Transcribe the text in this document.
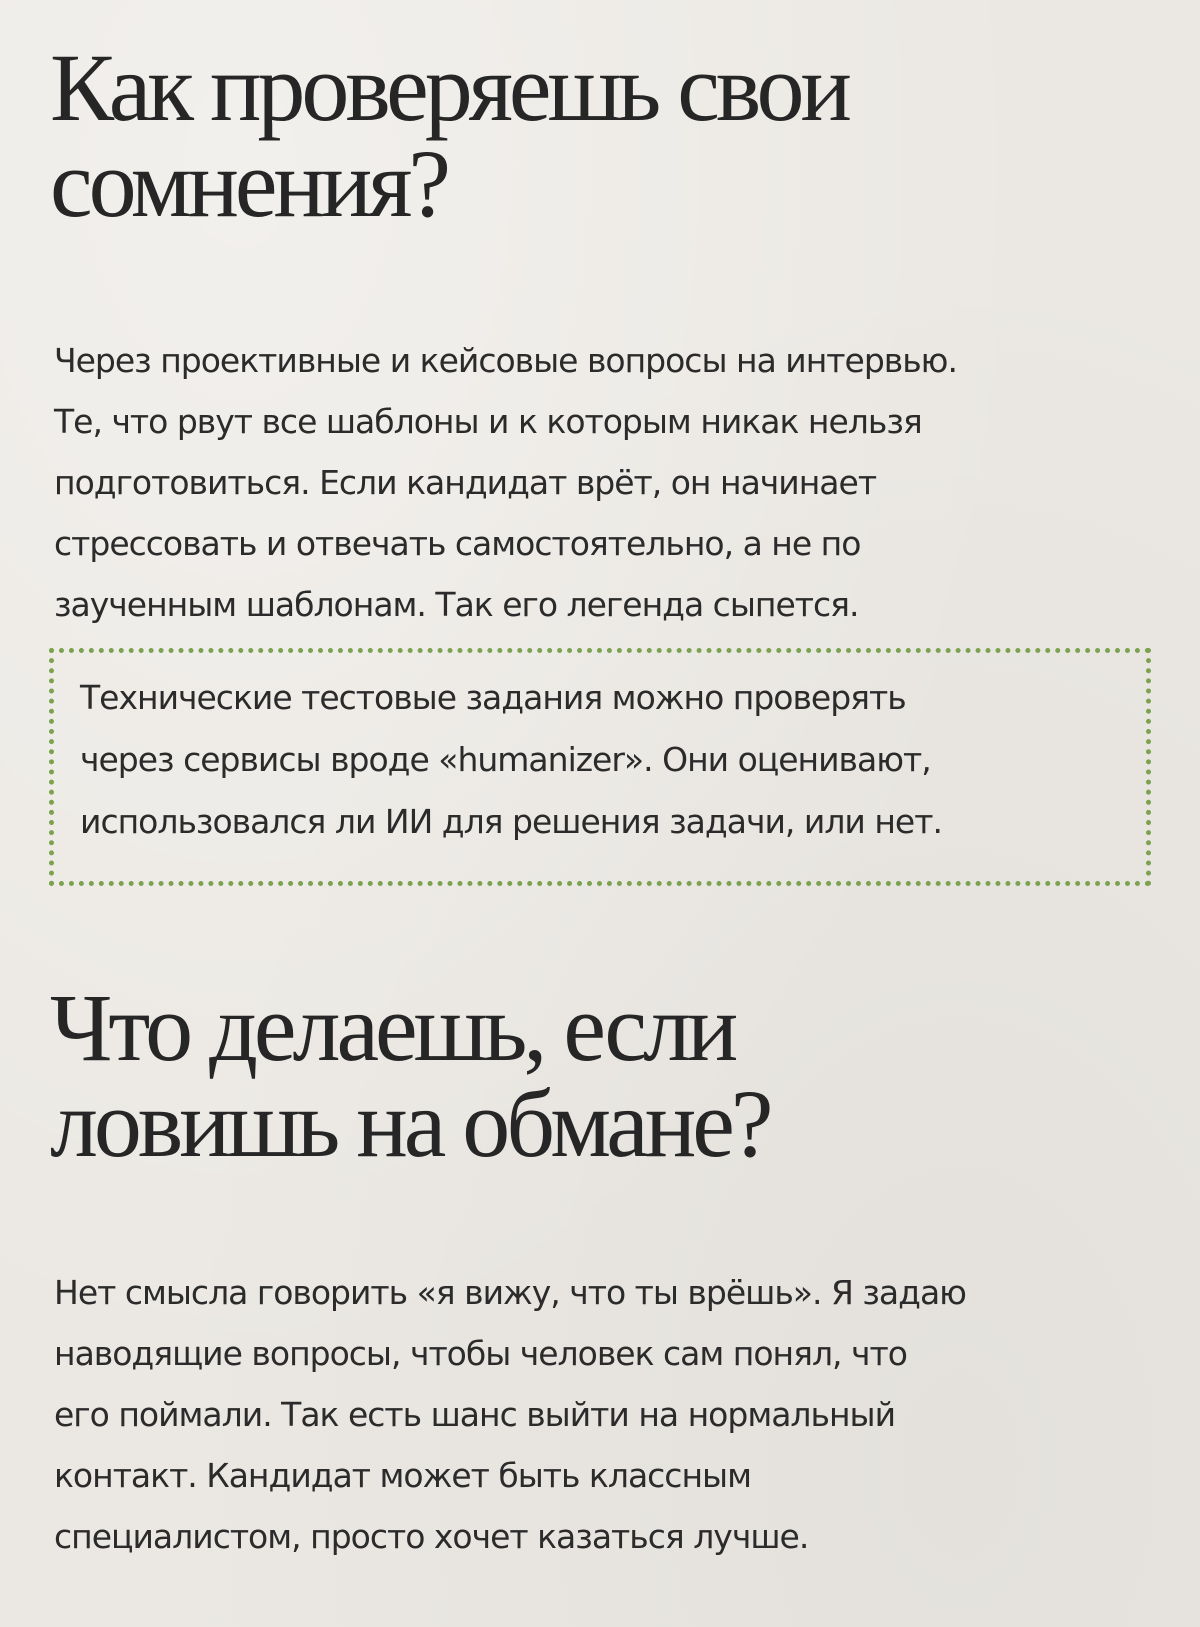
Как проверяешь свои
сомнения?

Через проективные и кейсовые вопросы на интервью.
Те, что рвут все шаблоны и к которым никак нельзя
подготовиться. Если кандидат врёт, он начинает
стрессовать и отвечать самостоятельно, а не по
заученным шаблонам. Так его легенда сыпется.

Технические тестовые задания можно проверять
через сервисы вроде «humanizer». Они оценивают,
использовался ли ИИ для решения задачи, или нет.

Что делаешь, если
ловишь на обмане?

Нет смысла говорить «я вижу, что ты врёшь». Я задаю
наводящие вопросы, чтобы человек сам понял, что
его поймали. Так есть шанс выйти на нормальный
контакт. Кандидат может быть классным
специалистом, просто хочет казаться лучше.
